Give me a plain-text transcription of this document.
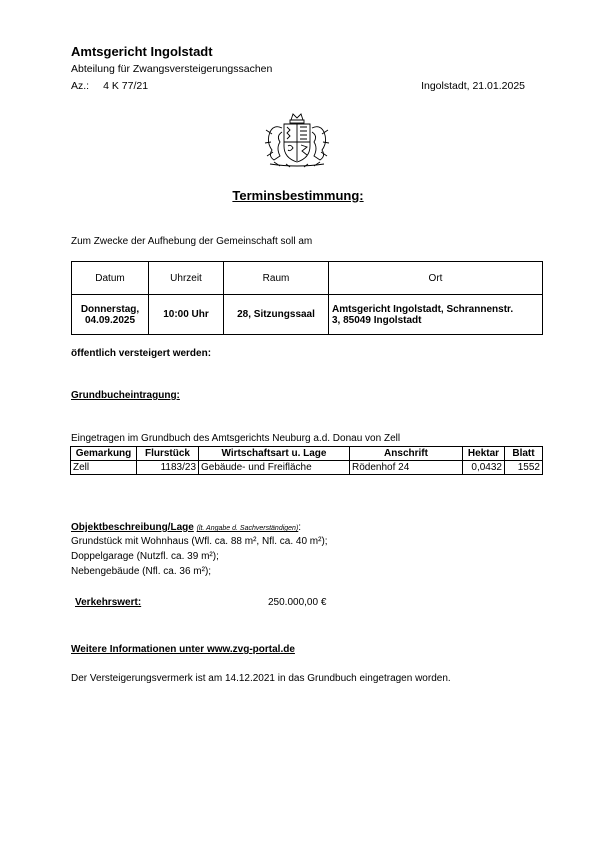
Amtsgericht Ingolstadt
Abteilung für Zwangsversteigerungssachen
Az.: 4 K 77/21	Ingolstadt, 21.01.2025
Terminsbestimmung:
Zum Zwecke der Aufhebung der Gemeinschaft soll am
Datum	Uhrzeit	Raum	Ort
Donnerstag,
04.09.2025	10:00 Uhr	28, Sitzungssaal	Amtsgericht Ingolstadt, Schrannenstr.
3, 85049 Ingolstadt
öffentlich versteigert werden:
Grundbucheintragung:
Eingetragen im Grundbuch des Amtsgerichts Neuburg a.d. Donau von Zell
Gemarkung	Flurstück	Wirtschaftsart u. Lage	Anschrift	Hektar	Blatt
Zell	1183/23	Gebäude- und Freifläche	Rödenhof 24	0,0432	1552
Objektbeschreibung/Lage (lt. Angabe d. Sachverständigen):
Grundstück mit Wohnhaus (Wfl. ca. 88 m², Nfl. ca. 40 m²);
Doppelgarage (Nutzfl. ca. 39 m²);
Nebengebäude (Nfl. ca. 36 m²);
Verkehrswert:	250.000,00 €
Weitere Informationen unter www.zvg-portal.de
Der Versteigerungsvermerk ist am 14.12.2021 in das Grundbuch eingetragen worden.
